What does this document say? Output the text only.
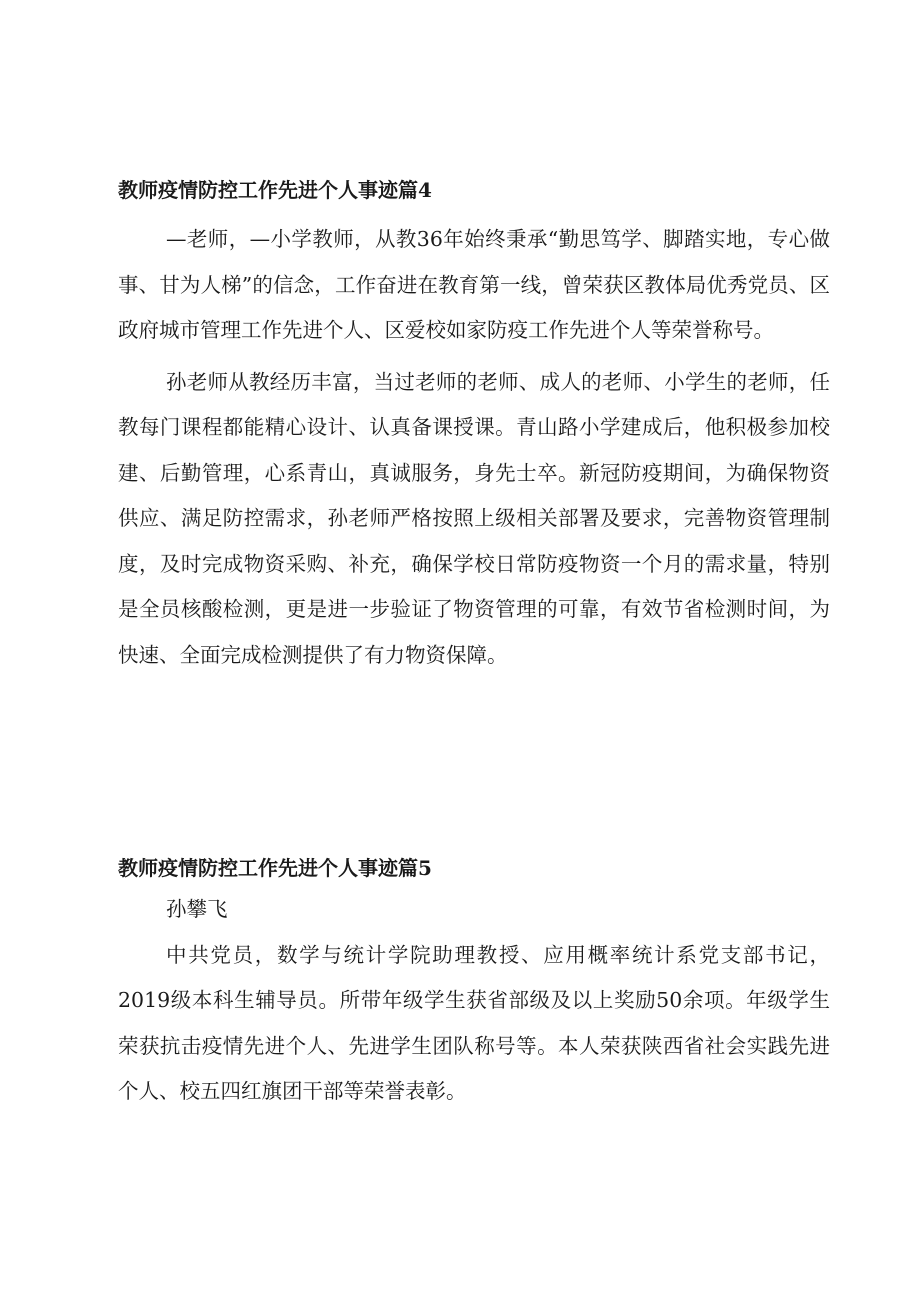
教师疫情防控工作先进个人事迹篇4

—老师，—小学教师，从教36年始终秉承“勤思笃学、脚踏实地，专心做事、甘为人梯”的信念，工作奋进在教育第一线，曾荣获区教体局优秀党员、区政府城市管理工作先进个人、区爱校如家防疫工作先进个人等荣誉称号。

孙老师从教经历丰富，当过老师的老师、成人的老师、小学生的老师，任教每门课程都能精心设计、认真备课授课。青山路小学建成后，他积极参加校建、后勤管理，心系青山，真诚服务，身先士卒。新冠防疫期间，为确保物资供应、满足防控需求，孙老师严格按照上级相关部署及要求，完善物资管理制度，及时完成物资采购、补充，确保学校日常防疫物资一个月的需求量，特别是全员核酸检测，更是进一步验证了物资管理的可靠，有效节省检测时间，为快速、全面完成检测提供了有力物资保障。

教师疫情防控工作先进个人事迹篇5

孙攀飞

中共党员，数学与统计学院助理教授、应用概率统计系党支部书记，2019级本科生辅导员。所带年级学生获省部级及以上奖励50余项。年级学生荣获抗击疫情先进个人、先进学生团队称号等。本人荣获陕西省社会实践先进个人、校五四红旗团干部等荣誉表彰。
